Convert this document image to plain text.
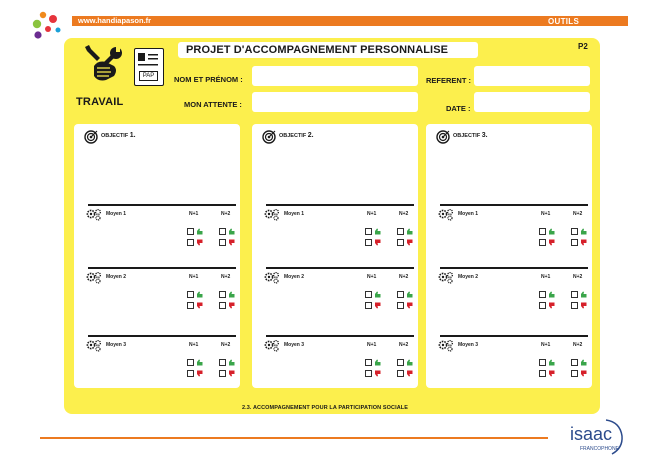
www.handiapason.fr	OUTILS
TRAVAIL
PAP
PROJET D'ACCOMPAGNEMENT PERSONNALISE	P2
NOM ET PRÉNOM :
MON ATTENTE :
REFERENT :
DATE :
OBJECTIF 1.
Moyen 1	N+1	N+2
Moyen 2	N+1	N+2
Moyen 3	N+1	N+2
OBJECTIF 2.
Moyen 1	N+1	N+2
Moyen 2	N+1	N+2
Moyen 3	N+1	N+2
OBJECTIF 3.
Moyen 1	N+1	N+2
Moyen 2	N+1	N+2
Moyen 3	N+1	N+2
2.3. ACCOMPAGNEMENT POUR LA PARTICIPATION SOCIALE
isaac
FRANCOPHONE
